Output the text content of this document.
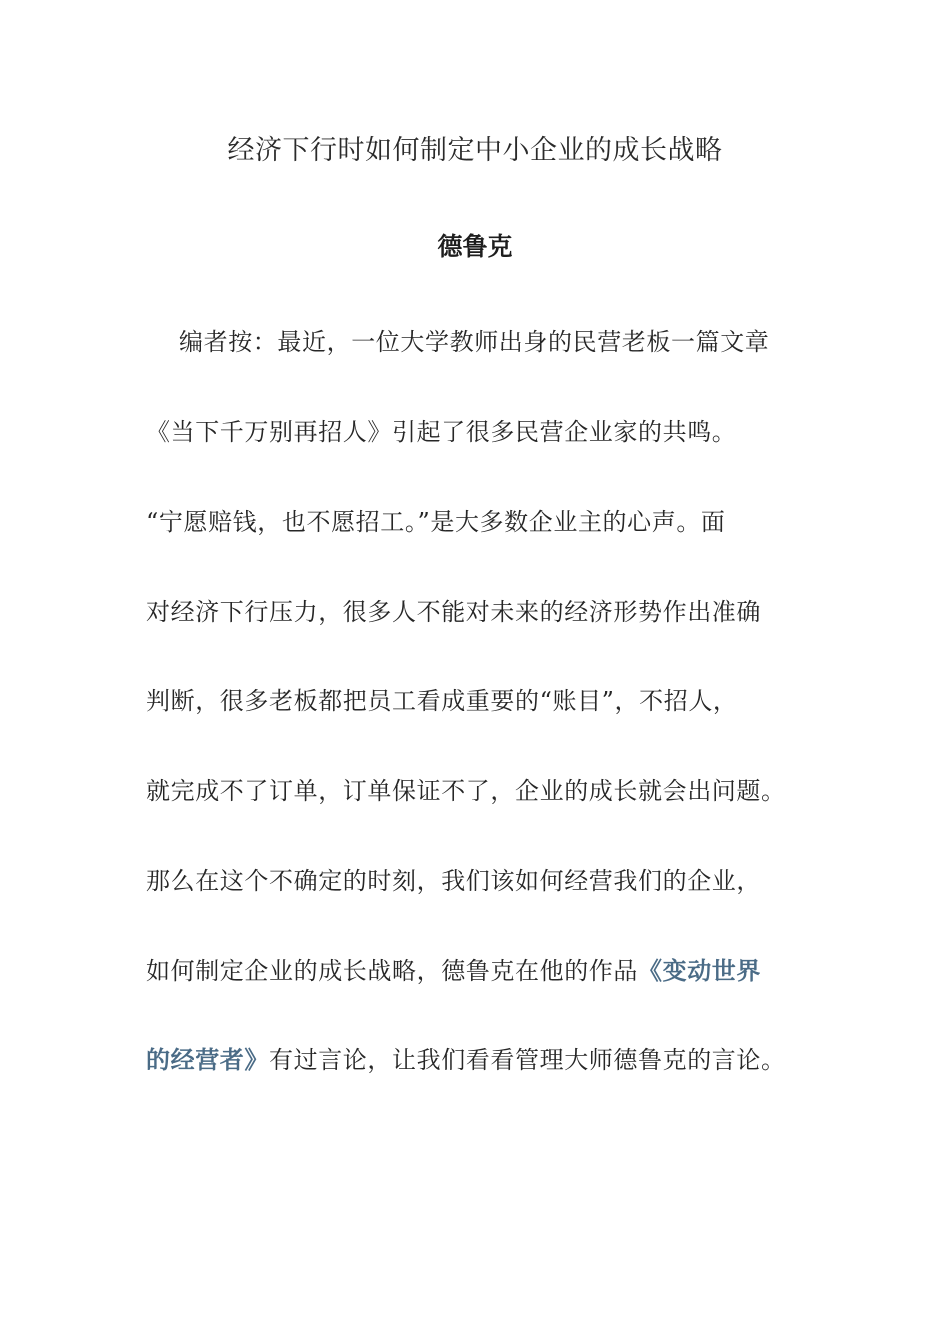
经济下行时如何制定中小企业的成长战略
德鲁克
编者按：最近，一位大学教师出身的民营老板一篇文章
《当下千万别再招人》引起了很多民营企业家的共鸣。
“宁愿赔钱，也不愿招工。”是大多数企业主的心声。面
对经济下行压力，很多人不能对未来的经济形势作出准确
判断，很多老板都把员工看成重要的“账目”，不招人，
就完成不了订单，订单保证不了，企业的成长就会出问题。
那么在这个不确定的时刻，我们该如何经营我们的企业，
如何制定企业的成长战略，德鲁克在他的作品《变动世界
的经营者》有过言论，让我们看看管理大师德鲁克的言论。
